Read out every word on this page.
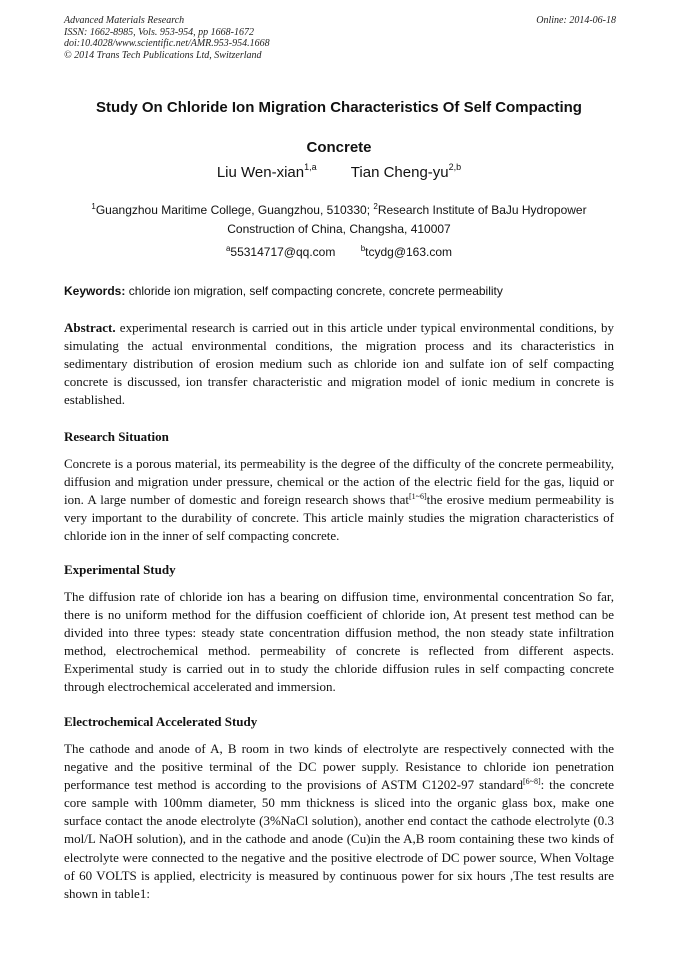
Advanced Materials Research
ISSN: 1662-8985, Vols. 953-954, pp 1668-1672
doi:10.4028/www.scientific.net/AMR.953-954.1668
© 2014 Trans Tech Publications Ltd, Switzerland
Online: 2014-06-18
Study On Chloride Ion Migration Characteristics Of Self Compacting Concrete
Liu Wen-xian$^{1,a}$ Tian Cheng-yu$^{2,b}$
$^1$Guangzhou Maritime College, Guangzhou, 510330; $^2$Research Institute of BaJu Hydropower Construction of China, Changsha, 410007
$^a$55314717@qq.com	$^b$tcydg@163.com
Keywords: chloride ion migration, self compacting concrete, concrete permeability

Abstract. experimental research is carried out in this article under typical environmental conditions, by simulating the actual environmental conditions, the migration process and its characteristics in sedimentary distribution of erosion medium such as chloride ion and sulfate ion of self compacting concrete is discussed, ion transfer characteristic and migration model of ionic medium in concrete is established.

Research Situation

Concrete is a porous material, its permeability is the degree of the difficulty of the concrete permeability, diffusion and migration under pressure, chemical or the action of the electric field for the gas, liquid or ion. A large number of domestic and foreign research shows that[1~6]the erosive medium permeability is very important to the durability of concrete. This article mainly studies the migration characteristics of chloride ion in the inner of self compacting concrete.

Experimental Study

The diffusion rate of chloride ion has a bearing on diffusion time, environmental concentration So far, there is no uniform method for the diffusion coefficient of chloride ion, At present test method can be divided into three types: steady state concentration diffusion method, the non steady state infiltration method, electrochemical method. permeability of concrete is reflected from different aspects. Experimental study is carried out in to study the chloride diffusion rules in self compacting concrete through electrochemical accelerated and immersion.

Electrochemical Accelerated Study

The cathode and anode of A, B room in two kinds of electrolyte are respectively connected with the negative and the positive terminal of the DC power supply. Resistance to chloride ion penetration performance test method is according to the provisions of ASTM C1202-97 standard[6~8]: the concrete core sample with 100mm diameter, 50 mm thickness is sliced into the organic glass box, make one surface contact the anode electrolyte (3%NaCl solution), another end contact the cathode electrolyte (0.3 mol/L NaOH solution), and in the cathode and anode (Cu)in the A,B room containing these two kinds of electrolyte were connected to the negative and the positive electrode of DC power source, When Voltage of 60 VOLTS is applied, electricity is measured by continuous power for six hours ,The test results are shown in table1:
